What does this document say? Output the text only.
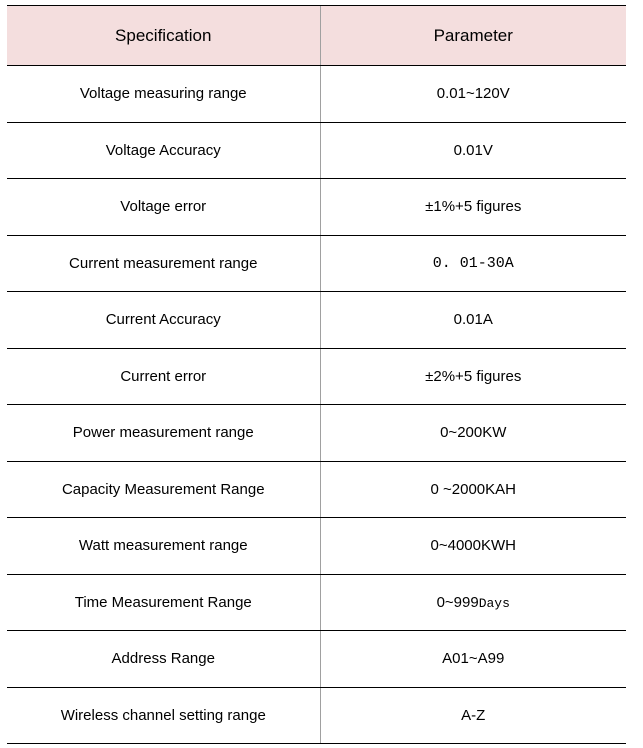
Specification	Parameter
Voltage measuring range	0.01~120V
Voltage Accuracy	0.01V
Voltage error	±1%+5 figures
Current measurement range	0. 01-30A
Current Accuracy	0.01A
Current error	±2%+5 figures
Power measurement range	0~200KW
Capacity Measurement Range	0 ~2000KAH
Watt measurement range	0~4000KWH
Time Measurement Range	0~999Days
Address Range	A01~A99
Wireless channel setting range	A-Z
